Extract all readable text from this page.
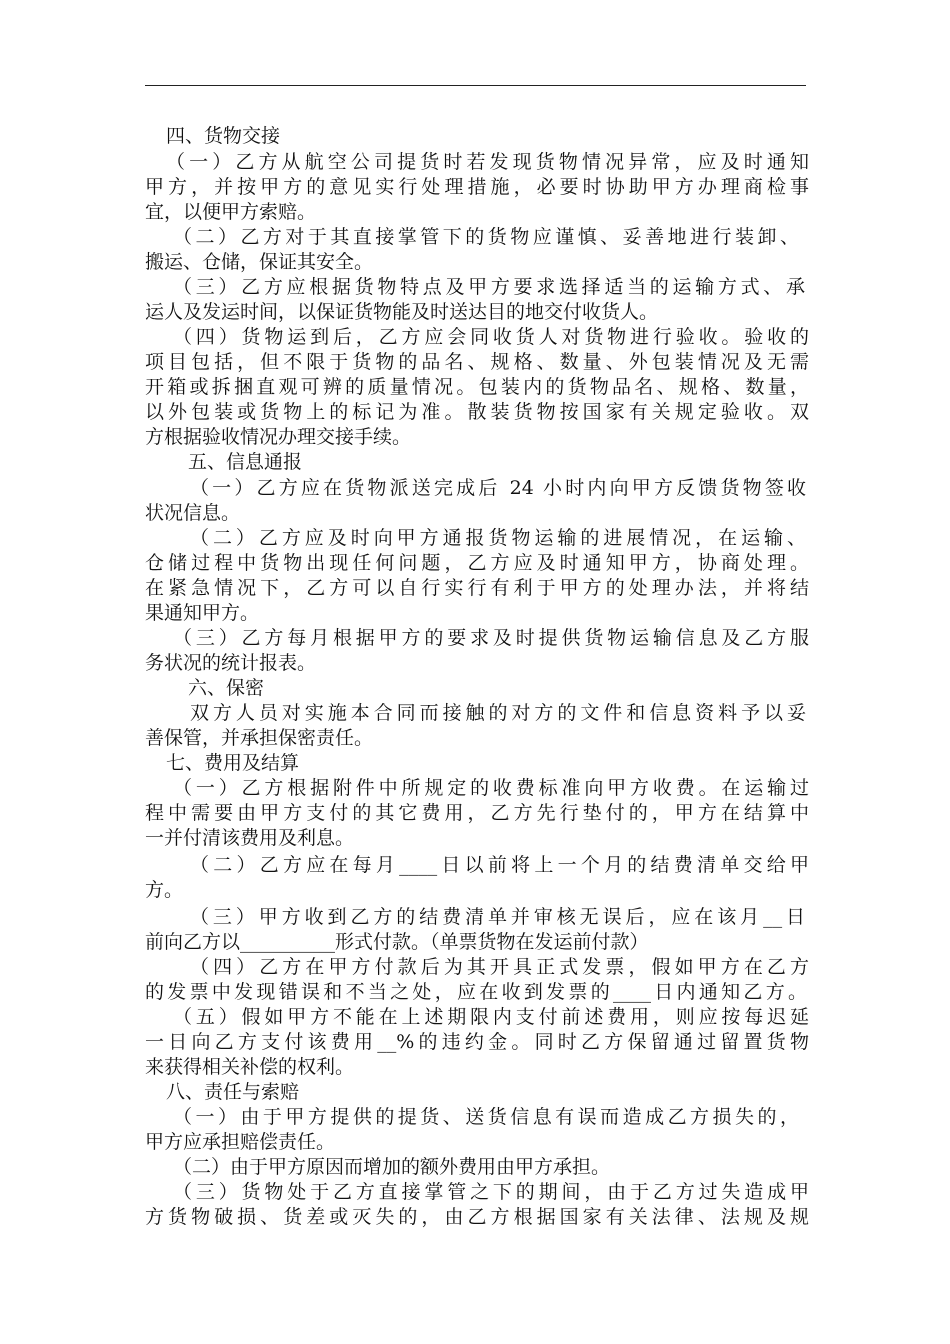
四、货物交接
（一）乙方从航空公司提货时若发现货物情况异常，应及时通知
甲方，并按甲方的意见实行处理措施，必要时协助甲方办理商检事
宜，以便甲方索赔。
（二）乙方对于其直接掌管下的货物应谨慎、妥善地进行装卸、
搬运、仓储，保证其安全。
（三）乙方应根据货物特点及甲方要求选择适当的运输方式、承
运人及发运时间，以保证货物能及时送达目的地交付收货人。
（四）货物运到后，乙方应会同收货人对货物进行验收。验收的
项目包括，但不限于货物的品名、规格、数量、外包装情况及无需
开箱或拆捆直观可辨的质量情况。包装内的货物品名、规格、数量，
以外包装或货物上的标记为准。散装货物按国家有关规定验收。双
方根据验收情况办理交接手续。
五、信息通报
（一）乙方应在货物派送完成后 24 小时内向甲方反馈货物签收
状况信息。
（二）乙方应及时向甲方通报货物运输的进展情况，在运输、
仓储过程中货物出现任何问题，乙方应及时通知甲方，协商处理。
在紧急情况下，乙方可以自行实行有利于甲方的处理办法，并将结
果通知甲方。
（三）乙方每月根据甲方的要求及时提供货物运输信息及乙方服
务状况的统计报表。
六、保密
双方人员对实施本合同而接触的对方的文件和信息资料予以妥
善保管，并承担保密责任。
七、费用及结算
（一）乙方根据附件中所规定的收费标准向甲方收费。在运输过
程中需要由甲方支付的其它费用，乙方先行垫付的，甲方在结算中
一并付清该费用及利息。
（二）乙方应在每月____日以前将上一个月的结费清单交给甲
方。
（三）甲方收到乙方的结费清单并审核无误后，应在该月__日
前向乙方以__________形式付款。（单票货物在发运前付款）
（四）乙方在甲方付款后为其开具正式发票，假如甲方在乙方
的发票中发现错误和不当之处，应在收到发票的____日内通知乙方。
（五）假如甲方不能在上述期限内支付前述费用，则应按每迟延
一日向乙方支付该费用__%的违约金。同时乙方保留通过留置货物
来获得相关补偿的权利。
八、责任与索赔
（一）由于甲方提供的提货、送货信息有误而造成乙方损失的，
甲方应承担赔偿责任。
（二）由于甲方原因而增加的额外费用由甲方承担。
（三）货物处于乙方直接掌管之下的期间，由于乙方过失造成甲
方货物破损、货差或灭失的，由乙方根据国家有关法律、法规及规
